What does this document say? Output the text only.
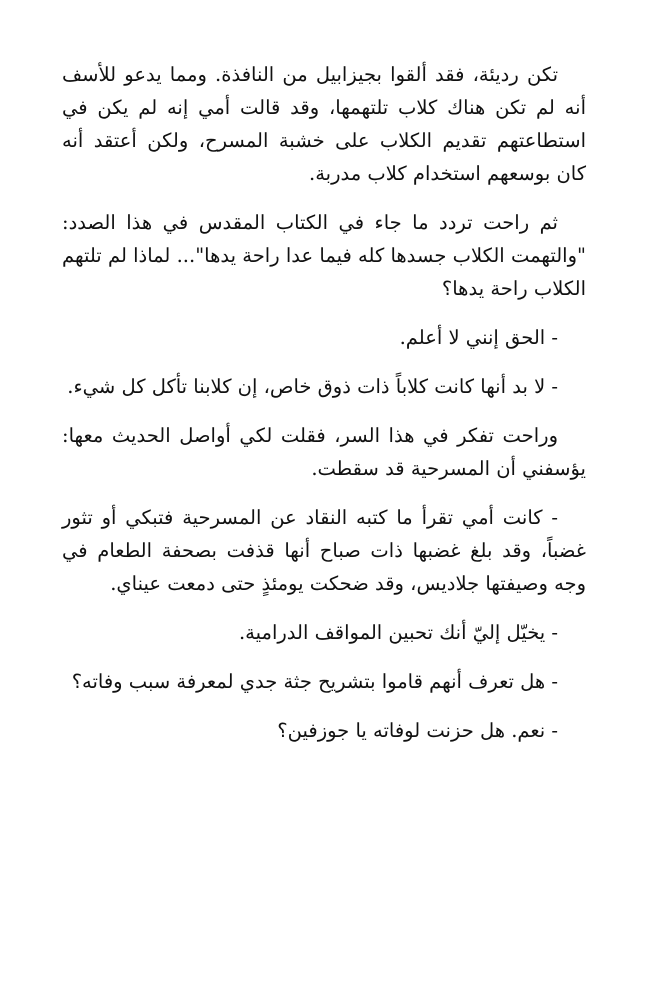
تكن رديئة، فقد ألقوا بجيزابيل من النافذة. ومما يدعو للأسف أنه لم تكن هناك كلاب تلتهمها، وقد قالت أمي إنه لم يكن في استطاعتهم تقديم الكلاب على خشبة المسرح، ولكن أعتقد أنه كان بوسعهم استخدام كلاب مدربة.

ثم راحت تردد ما جاء في الكتاب المقدس في هذا الصدد: "والتهمت الكلاب جسدها كله فيما عدا راحة يدها"... لماذا لم تلتهم الكلاب راحة يدها؟

- الحق إنني لا أعلم.

- لا بد أنها كانت كلاباً ذات ذوق خاص، إن كلابنا تأكل كل شيء.

وراحت تفكر في هذا السر، فقلت لكي أواصل الحديث معها: يؤسفني أن المسرحية قد سقطت.

- كانت أمي تقرأ ما كتبه النقاد عن المسرحية فتبكي أو تثور غضباً، وقد بلغ غضبها ذات صباح أنها قذفت بصحفة الطعام في وجه وصيفتها جلاديس، وقد ضحكت يومئذٍ حتى دمعت عيناي.

- يخيّل إليّ أنك تحبين المواقف الدرامية.

- هل تعرف أنهم قاموا بتشريح جثة جدي لمعرفة سبب وفاته؟

- نعم. هل حزنت لوفاته يا جوزفين؟
